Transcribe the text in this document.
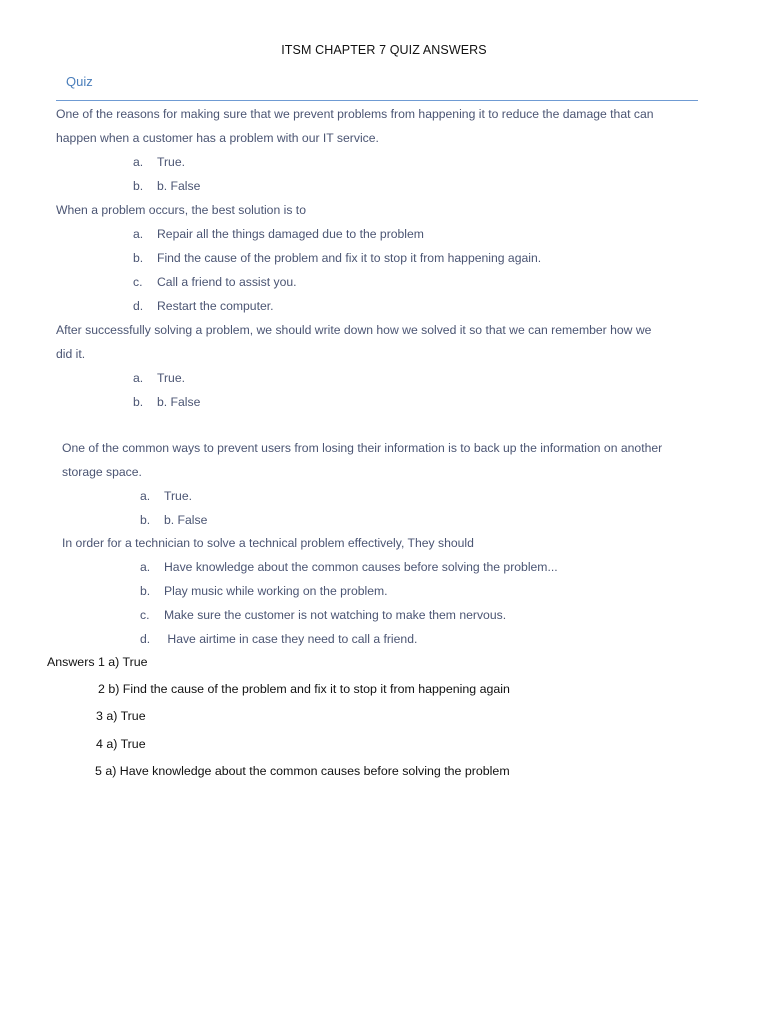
ITSM CHAPTER 7 QUIZ ANSWERS
Quiz
One of the reasons for making sure that we prevent problems from happening it to reduce the damage that can
happen when a customer has a problem with our IT service.
a. True.
b. b. False
When a problem occurs, the best solution is to
a. Repair all the things damaged due to the problem
b. Find the cause of the problem and fix it to stop it from happening again.
c. Call a friend to assist you.
d. Restart the computer.
After successfully solving a problem, we should write down how we solved it so that we can remember how we
did it.
a. True.
b. b. False
One of the common ways to prevent users from losing their information is to back up the information on another
storage space.
a. True.
b. b. False
In order for a technician to solve a technical problem effectively, They should
a. Have knowledge about the common causes before solving the problem...
b. Play music while working on the problem.
c. Make sure the customer is not watching to make them nervous.
d. Have airtime in case they need to call a friend.
Answers 1 a) True
2 b) Find the cause of the problem and fix it to stop it from happening again
3 a) True
4 a) True
5 a) Have knowledge about the common causes before solving the problem
